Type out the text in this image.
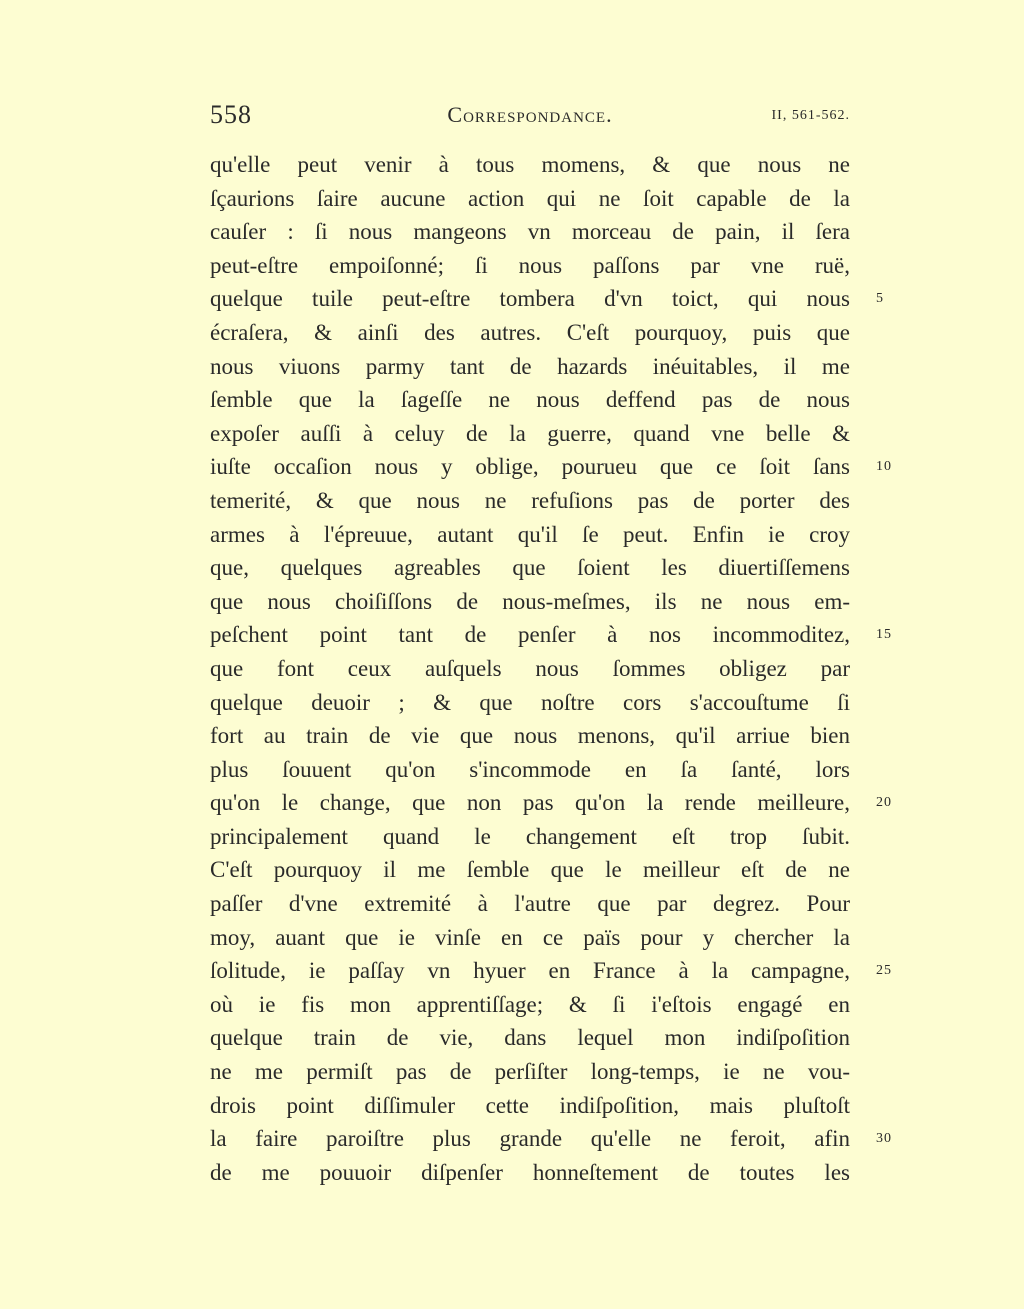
558	Correspondance.	II, 561-562.
qu'elle peut venir à tous momens, & que nous ne
ſçaurions ſaire aucune action qui ne ſoit capable de la
cauſer : ſi nous mangeons vn morceau de pain, il ſera
peut-eſtre empoiſonné; ſi nous paſſons par vne ruë,
quelque tuile peut-eſtre tombera d'vn toict, qui nous 5
écraſera, & ainſi des autres. C'eſt pourquoy, puis que
nous viuons parmy tant de hazards inéuitables, il me
ſemble que la ſageſſe ne nous deffend pas de nous
expoſer auſſi à celuy de la guerre, quand vne belle &
iuſte occaſion nous y oblige, pourueu que ce ſoit ſans 10
temerité, & que nous ne refuſions pas de porter des
armes à l'épreuue, autant qu'il ſe peut. Enfin ie croy
que, quelques agreables que ſoient les diuertiſſemens
que nous choiſiſſons de nous-meſmes, ils ne nous em-
peſchent point tant de penſer à nos incommoditez, 15
que font ceux auſquels nous ſommes obligez par
quelque deuoir ; & que noſtre cors s'accouſtume ſi
fort au train de vie que nous menons, qu'il arriue bien
plus ſouuent qu'on s'incommode en ſa ſanté, lors
qu'on le change, que non pas qu'on la rende meilleure, 20
principalement quand le changement eſt trop ſubit.
C'eſt pourquoy il me ſemble que le meilleur eſt de ne
paſſer d'vne extremité à l'autre que par degrez. Pour
moy, auant que ie vinſe en ce païs pour y chercher la
ſolitude, ie paſſay vn hyuer en France à la campagne, 25
où ie fis mon apprentiſſage; & ſi i'eſtois engagé en
quelque train de vie, dans lequel mon indiſpoſition
ne me permiſt pas de perſiſter long-temps, ie ne vou-
drois point diſſimuler cette indiſpoſition, mais pluſtoſt
la faire paroiſtre plus grande qu'elle ne feroit, afin 30
de me pouuoir diſpenſer honneſtement de toutes les
